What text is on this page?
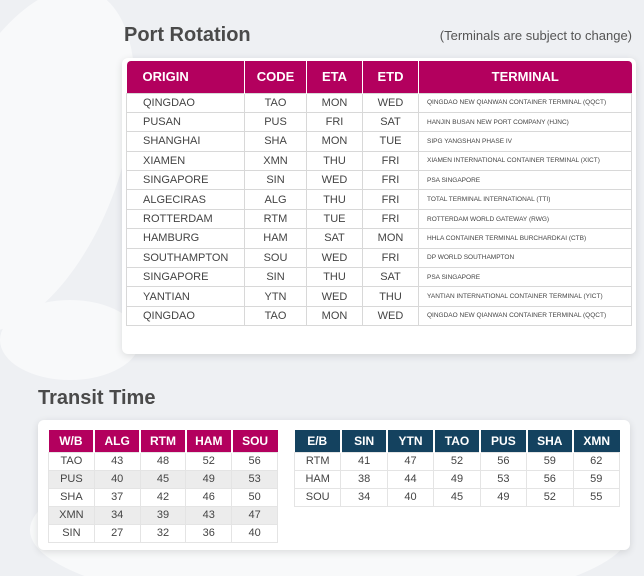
Port Rotation	(Terminals are subject to change)
ORIGIN	CODE	ETA	ETD	TERMINAL
QINGDAO	TAO	MON	WED	QINGDAO NEW QIANWAN CONTAINER TERMINAL (QQCT)
PUSAN	PUS	FRI	SAT	HANJIN BUSAN NEW PORT COMPANY (HJNC)
SHANGHAI	SHA	MON	TUE	SIPG YANGSHAN PHASE IV
XIAMEN	XMN	THU	FRI	XIAMEN INTERNATIONAL CONTAINER TERMINAL (XICT)
SINGAPORE	SIN	WED	FRI	PSA SINGAPORE
ALGECIRAS	ALG	THU	FRI	TOTAL TERMINAL INTERNATIONAL (TTI)
ROTTERDAM	RTM	TUE	FRI	ROTTERDAM WORLD GATEWAY (RWG)
HAMBURG	HAM	SAT	MON	HHLA CONTAINER TERMINAL BURCHARDKAI (CTB)
SOUTHAMPTON	SOU	WED	FRI	DP WORLD SOUTHAMPTON
SINGAPORE	SIN	THU	SAT	PSA SINGAPORE
YANTIAN	YTN	WED	THU	YANTIAN INTERNATIONAL CONTAINER TERMINAL (YICT)
QINGDAO	TAO	MON	WED	QINGDAO NEW QIANWAN CONTAINER TERMINAL (QQCT)
Transit Time
W/B	ALG	RTM	HAM	SOU
TAO	43	48	52	56
PUS	40	45	49	53
SHA	37	42	46	50
XMN	34	39	43	47
SIN	27	32	36	40
E/B	SIN	YTN	TAO	PUS	SHA	XMN
RTM	41	47	52	56	59	62
HAM	38	44	49	53	56	59
SOU	34	40	45	49	52	55
